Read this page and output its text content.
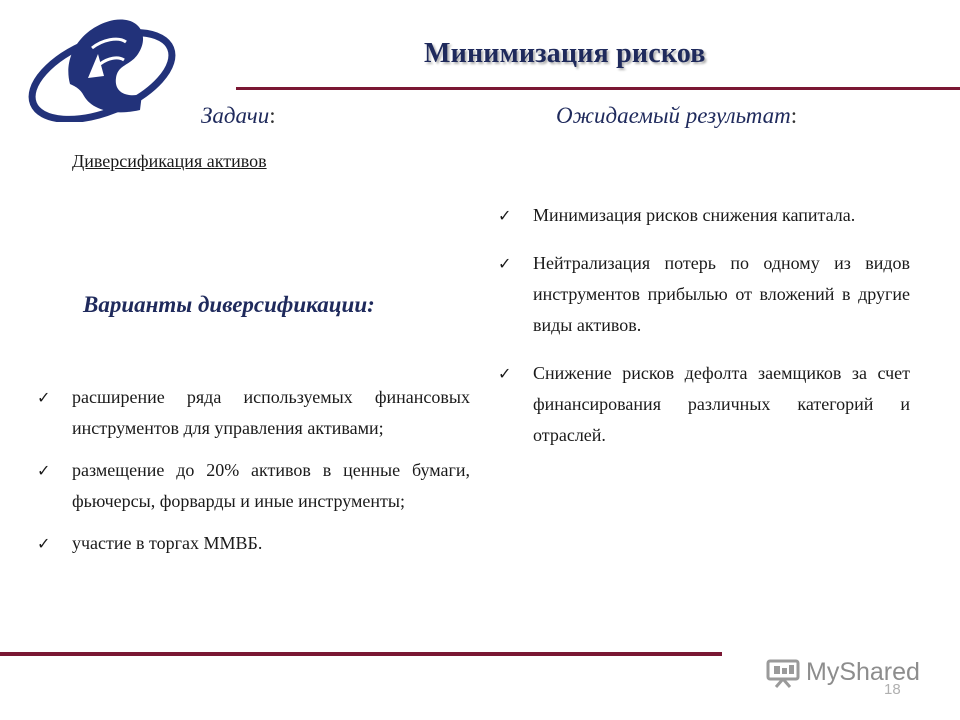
Минимизация рисков
Задачи:
Диверсификация активов
Ожидаемый результат:
✓ Минимизация рисков снижения капитала.
✓ Нейтрализация потерь по одному из видов инструментов прибылью от вложений в другие виды активов.
✓ Снижение рисков дефолта заемщиков за счет финансирования различных категорий и отраслей.
Варианты диверсификации:
✓ расширение ряда используемых финансовых инструментов для управления активами;
✓ размещение до 20% активов в ценные бумаги, фьючерсы, форварды и иные инструменты;
✓ участие в торгах ММВБ.
MyShared
18
